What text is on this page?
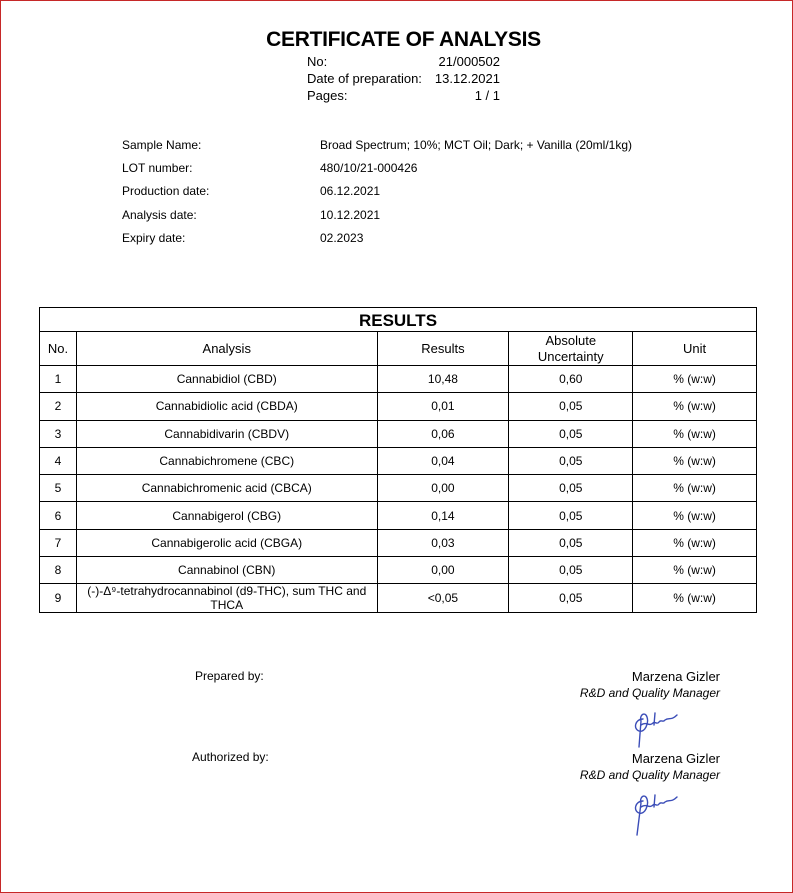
CERTIFICATE OF ANALYSIS
No:	21/000502
Date of preparation: 13.12.2021
Pages:	1 / 1
Sample Name:	Broad Spectrum; 10%; MCT Oil; Dark; + Vanilla (20ml/1kg)
LOT number:	480/10/21-000426
Production date:	06.12.2021
Analysis date:	10.12.2021
Expiry date:	02.2023
RESULTS				
No.	Analysis	Results	Absolute Uncertainty	Unit
1	Cannabidiol (CBD)	10,48	0,60	% (w:w)
2	Cannabidiolic acid (CBDA)	0,01	0,05	% (w:w)
3	Cannabidivarin (CBDV)	0,06	0,05	% (w:w)
4	Cannabichromene (CBC)	0,04	0,05	% (w:w)
5	Cannabichromenic acid (CBCA)	0,00	0,05	% (w:w)
6	Cannabigerol (CBG)	0,14	0,05	% (w:w)
7	Cannabigerolic acid (CBGA)	0,03	0,05	% (w:w)
8	Cannabinol (CBN)	0,00	0,05	% (w:w)
9	(-)-Δ⁹-tetrahydrocannabinol (d9-THC), sum THC and THCA	<0,05	0,05	% (w:w)
Prepared by:	Marzena Gizler
R&D and Quality Manager
Authorized by:	Marzena Gizler
R&D and Quality Manager
